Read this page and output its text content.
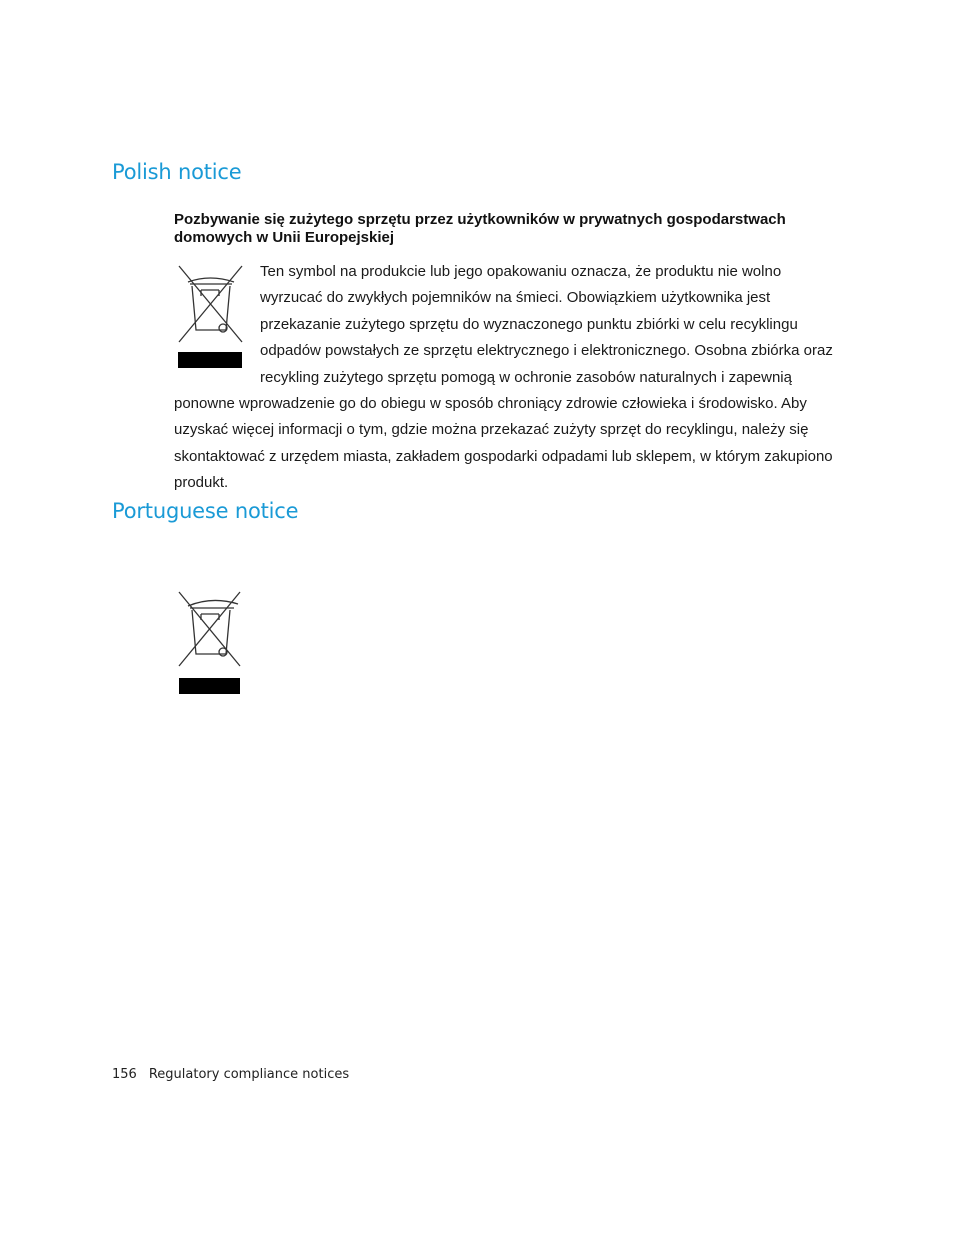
Polish notice

Pozbywanie się zużytego sprzętu przez użytkowników w prywatnych gospodarstwach domowych w Unii Europejskiej

Ten symbol na produkcie lub jego opakowaniu oznacza, że produktu nie wolno wyrzucać do zwykłych pojemników na śmieci. Obowiązkiem użytkownika jest przekazanie zużytego sprzętu do wyznaczonego punktu zbiórki w celu recyklingu odpadów powstałych ze sprzętu elektrycznego i elektronicznego. Osobna zbiórka oraz recykling zużytego sprzętu pomogą w ochronie zasobów naturalnych i zapewnią ponowne wprowadzenie go do obiegu w sposób chroniący zdrowie człowieka i środowisko. Aby uzyskać więcej informacji o tym, gdzie można przekazać zużyty sprzęt do recyklingu, należy się skontaktować z urzędem miasta, zakładem gospodarki odpadami lub sklepem, w którym zakupiono produkt.

Portuguese notice
156 Regulatory compliance notices
